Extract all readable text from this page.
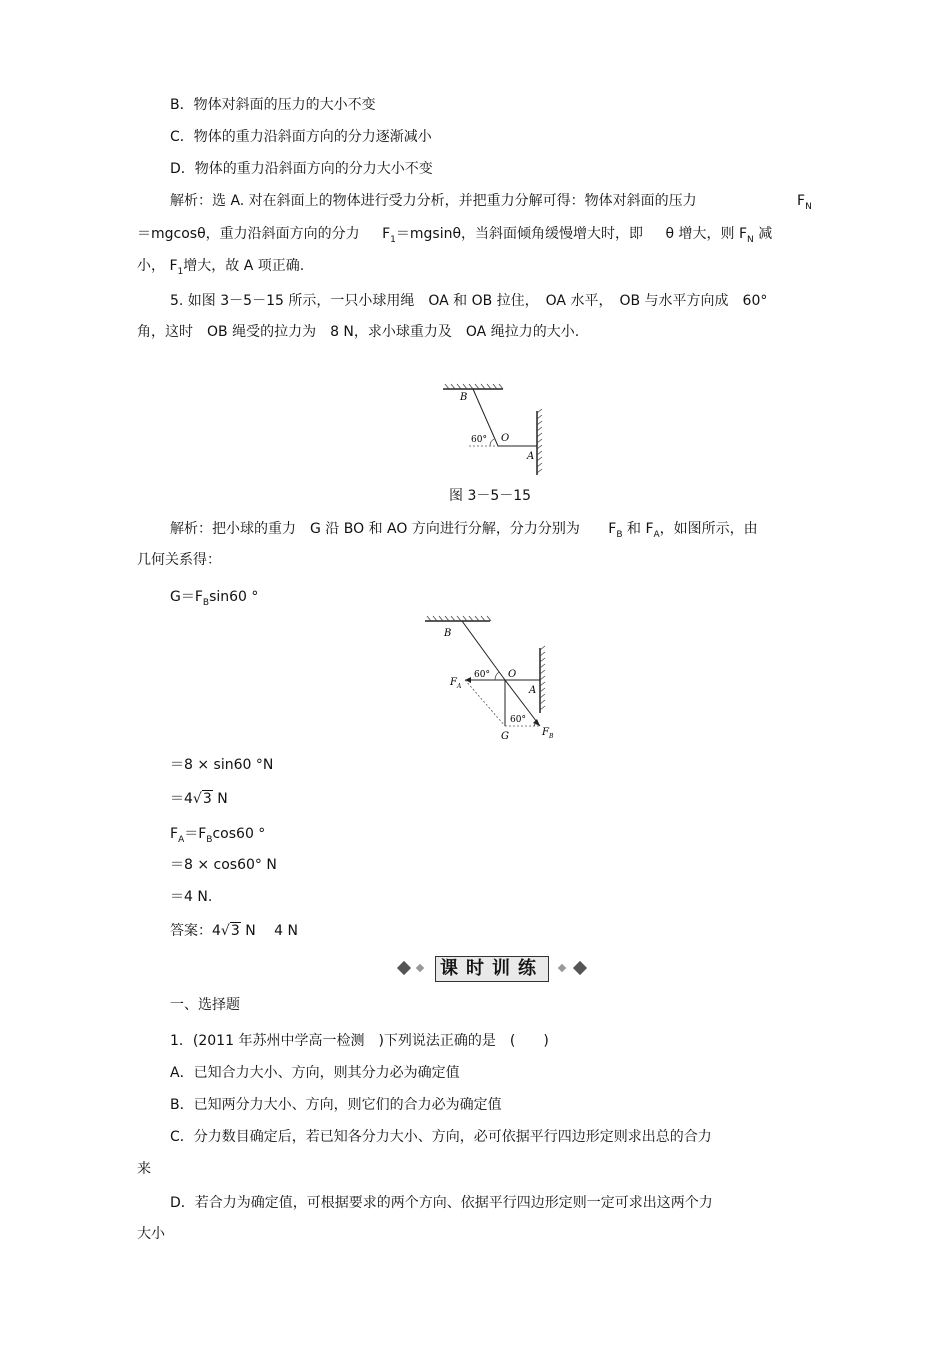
B．物体对斜面的压力的大小不变
C．物体的重力沿斜面方向的分力逐渐减小
D．物体的重力沿斜面方向的分力大小不变
解析：选 A. 对在斜面上的物体进行受力分析，并把重力分解可得：物体对斜面的压力	$F_N$
＝mgcosθ，重力沿斜面方向的分力 $F_1=mgsin\theta$，当斜面倾角缓慢增大时，即 θ 增大，则 $F_N$ 减
小， $F_1$增大，故 A 项正确.
5. 如图 3－5－15 所示，一只小球用绳　OA 和 OB 拉住，　OA 水平，　OB 与水平方向成　60°
角，这时　OB 绳受的拉力为　8 N，求小球重力及　OA 绳拉力的大小.
B
O
A
60°
图 3－5－15
解析：把小球的重力　G 沿 BO 和 AO 方向进行分解，分力分别为 $F_B$ 和 $F_A$，如图所示，由
几何关系得：
$G=F_B\sin 60$ °
B
O
A
$F_A$
$F_B$
G
60°
60°
＝8 × sin60 °N
＝4√3 N
$F_A=F_B\cos 60$ °
＝8 × cos60° N
＝4 N.
答案：4√3 N　 4 N
课时训练
一、选择题
1．(2011 年苏州中学高一检测　)下列说法正确的是　(　　)
A．已知合力大小、方向，则其分力必为确定值
B．已知两分力大小、方向，则它们的合力必为确定值
C．分力数目确定后，若已知各分力大小、方向，必可依据平行四边形定则求出总的合力
来
D．若合力为确定值，可根据要求的两个方向、依据平行四边形定则一定可求出这两个力
大小
